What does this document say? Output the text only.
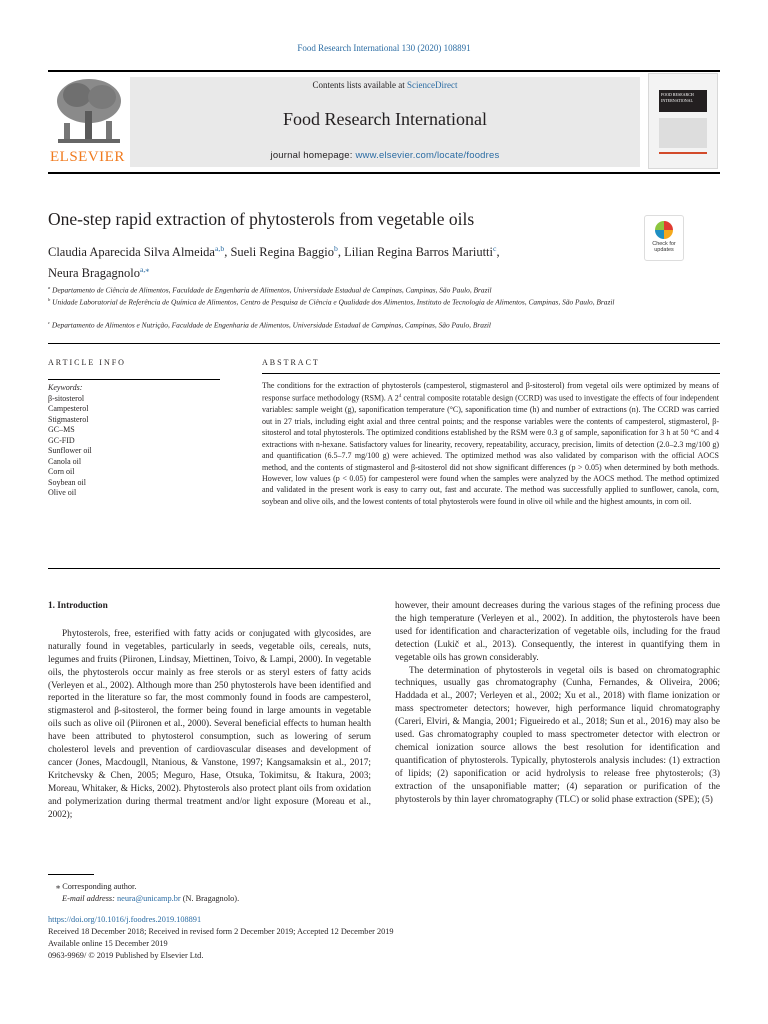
Food Research International 130 (2020) 108891
ELSEVIER
Contents lists available at ScienceDirect
Food Research International
journal homepage: www.elsevier.com/locate/foodres
FOOD RESEARCH INTERNATIONAL
One-step rapid extraction of phytosterols from vegetable oils
Check for updates
Claudia Aparecida Silva Almeida$^{a,b}$, Sueli Regina Baggio$^b$, Lilian Regina Barros Mariutti$^c$,
Neura Bragagnolo$^{a,⁎}$
$^a$ Departamento de Ciência de Alimentos, Faculdade de Engenharia de Alimentos, Universidade Estadual de Campinas, Campinas, São Paulo, Brazil
$^b$ Unidade Laboratorial de Referência de Química de Alimentos, Centro de Pesquisa de Ciência e Qualidade dos Alimentos, Instituto de Tecnologia de Alimentos, Campinas, São Paulo, Brazil
$^c$ Departamento de Alimentos e Nutrição, Faculdade de Engenharia de Alimentos, Universidade Estadual de Campinas, Campinas, São Paulo, Brazil
ARTICLE INFO	ABSTRACT
Keywords:
β-sitosterol
Campesterol
Stigmasterol
GC–MS
GC-FID
Sunflower oil
Canola oil
Corn oil
Soybean oil
Olive oil
The conditions for the extraction of phytosterols (campesterol, stigmasterol and β-sitosterol) from vegetal oils were optimized by means of response surface methodology (RSM). A $2^4$ central composite rotatable design (CCRD) was used to investigate the effects of four independent variables: sample weight (g), saponification temperature (°C), saponification time (h) and number of extractions (n). The CCRD was carried out in 27 trials, including eight axial and three central points; and the response variables were the contents of campesterol, stigmasterol, β-sitosterol and total phytosterols. The optimized conditions established by the RSM were 0.3 g of sample, saponification for 3 h at 50 °C and 4 extractions with n-hexane. Satisfactory values for linearity, recovery, repeatability, accuracy, precision, limits of detection (2.0–2.3 mg/100 g) and quantification (6.5–7.7 mg/100 g) were achieved. The optimized method was also validated by comparison with the official AOCS method, and the contents of stigmasterol and β-sitosterol did not show significant differences (p > 0.05) when determined by both methods. However, low values (p < 0.05) for campesterol were found when the samples were analyzed by the AOCS method. The method optimized and validated in the present work is easy to carry out, fast and accurate. The method was successfully applied to sunflower, canola, corn, soybean and olive oils, and the lowest contents of total phytosterols were found in olive oil while and the highest amounts, in corn oil.
1. Introduction

Phytosterols, free, esterified with fatty acids or conjugated with glycosides, are naturally found in vegetables, particularly in seeds, vegetable oils, cereals, nuts, legumes and fruits (Piironen, Lindsay, Miettinen, Toivo, & Lampi, 2000). In vegetable oils, the phytosterols occur mainly as free sterols or as steryl esters of fatty acids (Verleyen et al., 2002). Although more than 250 phytosterols have been identified and reported in the literature so far, the most commonly found in foods are campesterol, stigmasterol and β-sitosterol, the former being found in large amounts in vegetable oils such as olive oil (Piironen et al., 2000). Several beneficial effects to human health have been attributed to phytosterol consumption, such as lowering of serum cholesterol levels and prevention of cardiovascular diseases and development of cancer (Jones, Macdougll, Ntanious, & Vanstone, 1997; Kangsamaksin et al., 2017; Kritchevsky & Chen, 2005; Meguro, Hase, Otsuka, Tokimitsu, & Itakura, 2003; Moreau, Whitaker, & Hicks, 2002). Phytosterols also protect plant oils from oxidation and polymerization during thermal treatment and/or light exposure (Moreau et al., 2002);

however, their amount decreases during the various stages of the refining process due the high temperature (Verleyen et al., 2002). In addition, the phytosterols have been used for identification and characterization of vegetable oils, including for the fraud detection (Lukič et al., 2013). Consequently, the interest in quantifying them in vegetable oils has grown considerably.

The determination of phytosterols in vegetal oils is based on chromatographic techniques, usually gas chromatography (Cunha, Fernandes, & Oliveira, 2006; Haddada et al., 2007; Verleyen et al., 2002; Xu et al., 2018) with flame ionization or mass spectrometer detectors; however, high performance liquid chromatography (Careri, Elviri, & Mangia, 2001; Figueiredo et al., 2018; Sun et al., 2016) may also be used. Gas chromatography coupled to mass spectrometer detector with electron or chemical ionization source allows the best resolution for identification and quantification of phytosterols. Typically, phytosterols analysis includes: (1) extraction of lipids; (2) saponification or acid hydrolysis to release free phytosterols; (3) extraction of the unsaponifiable matter; (4) separation or purification of the phytosterols by thin layer chromatography (TLC) or solid phase extraction (SPE); (5)

⁎ Corresponding author.
E-mail address: neura@unicamp.br (N. Bragagnolo).
https://doi.org/10.1016/j.foodres.2019.108891
Received 18 December 2018; Received in revised form 2 December 2019; Accepted 12 December 2019
Available online 15 December 2019
0963-9969/ © 2019 Published by Elsevier Ltd.
